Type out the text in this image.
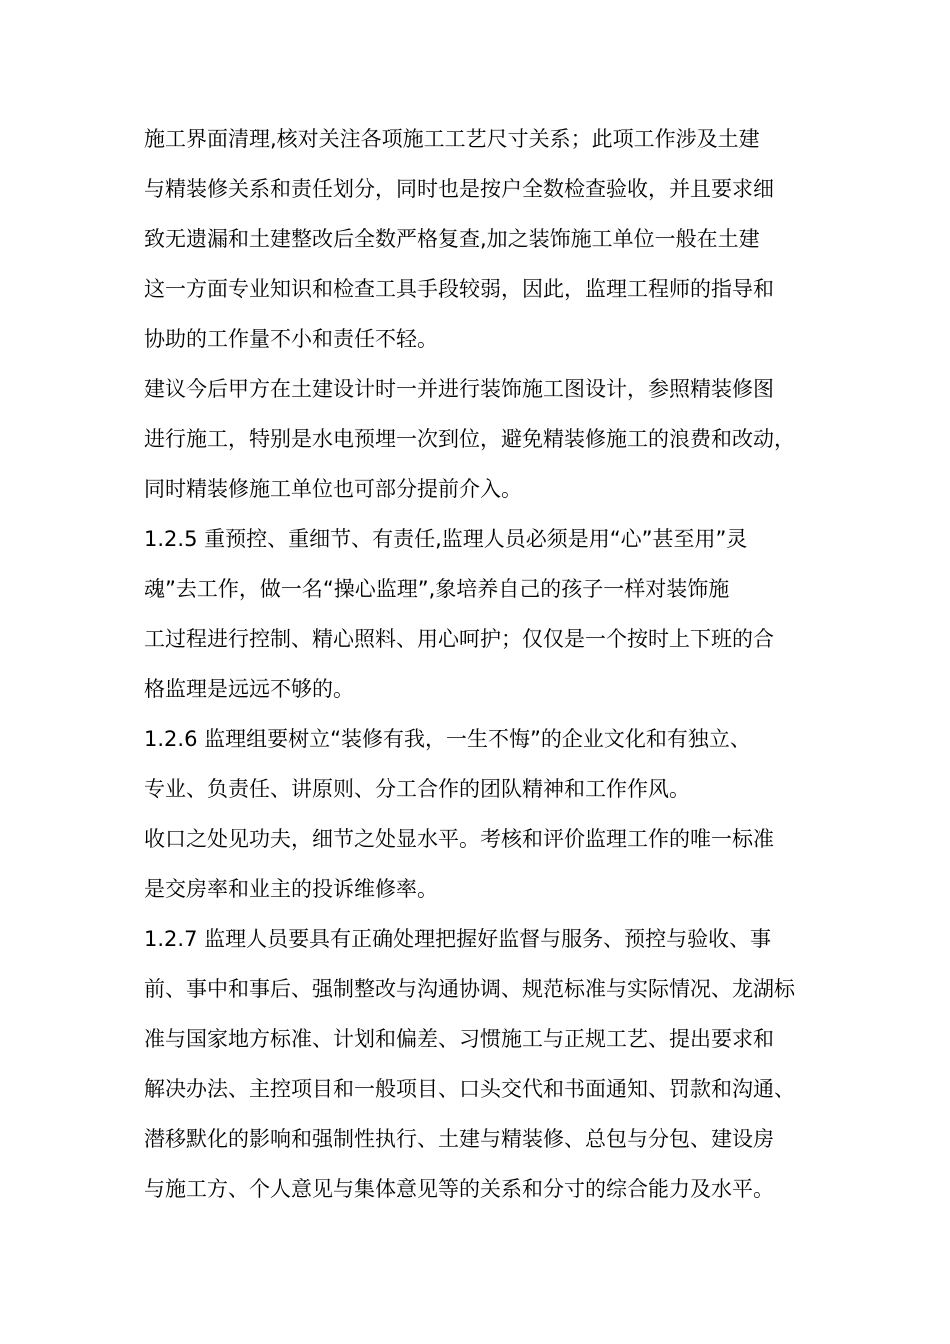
施工界面清理,核对关注各项施工工艺尺寸关系；此项工作涉及土建
与精装修关系和责任划分，同时也是按户全数检查验收，并且要求细
致无遗漏和土建整改后全数严格复查,加之装饰施工单位一般在土建
这一方面专业知识和检查工具手段较弱，因此，监理工程师的指导和
协助的工作量不小和责任不轻。
建议今后甲方在土建设计时一并进行装饰施工图设计，参照精装修图
进行施工，特别是水电预埋一次到位，避免精装修施工的浪费和改动，
同时精装修施工单位也可部分提前介入。
1.2.5 重预控、重细节、有责任,监理人员必须是用“心”甚至用”灵
魂”去工作，做一名“操心监理”,象培养自己的孩子一样对装饰施
工过程进行控制、精心照料、用心呵护；仅仅是一个按时上下班的合
格监理是远远不够的。
1.2.6 监理组要树立“装修有我，一生不悔”的企业文化和有独立、
专业、负责任、讲原则、分工合作的团队精神和工作作风。
收口之处见功夫，细节之处显水平。考核和评价监理工作的唯一标准
是交房率和业主的投诉维修率。
1.2.7 监理人员要具有正确处理把握好监督与服务、预控与验收、事
前、事中和事后、强制整改与沟通协调、规范标准与实际情况、龙湖标
准与国家地方标准、计划和偏差、习惯施工与正规工艺、提出要求和
解决办法、主控项目和一般项目、口头交代和书面通知、罚款和沟通、
潜移默化的影响和强制性执行、土建与精装修、总包与分包、建设房
与施工方、个人意见与集体意见等的关系和分寸的综合能力及水平。
